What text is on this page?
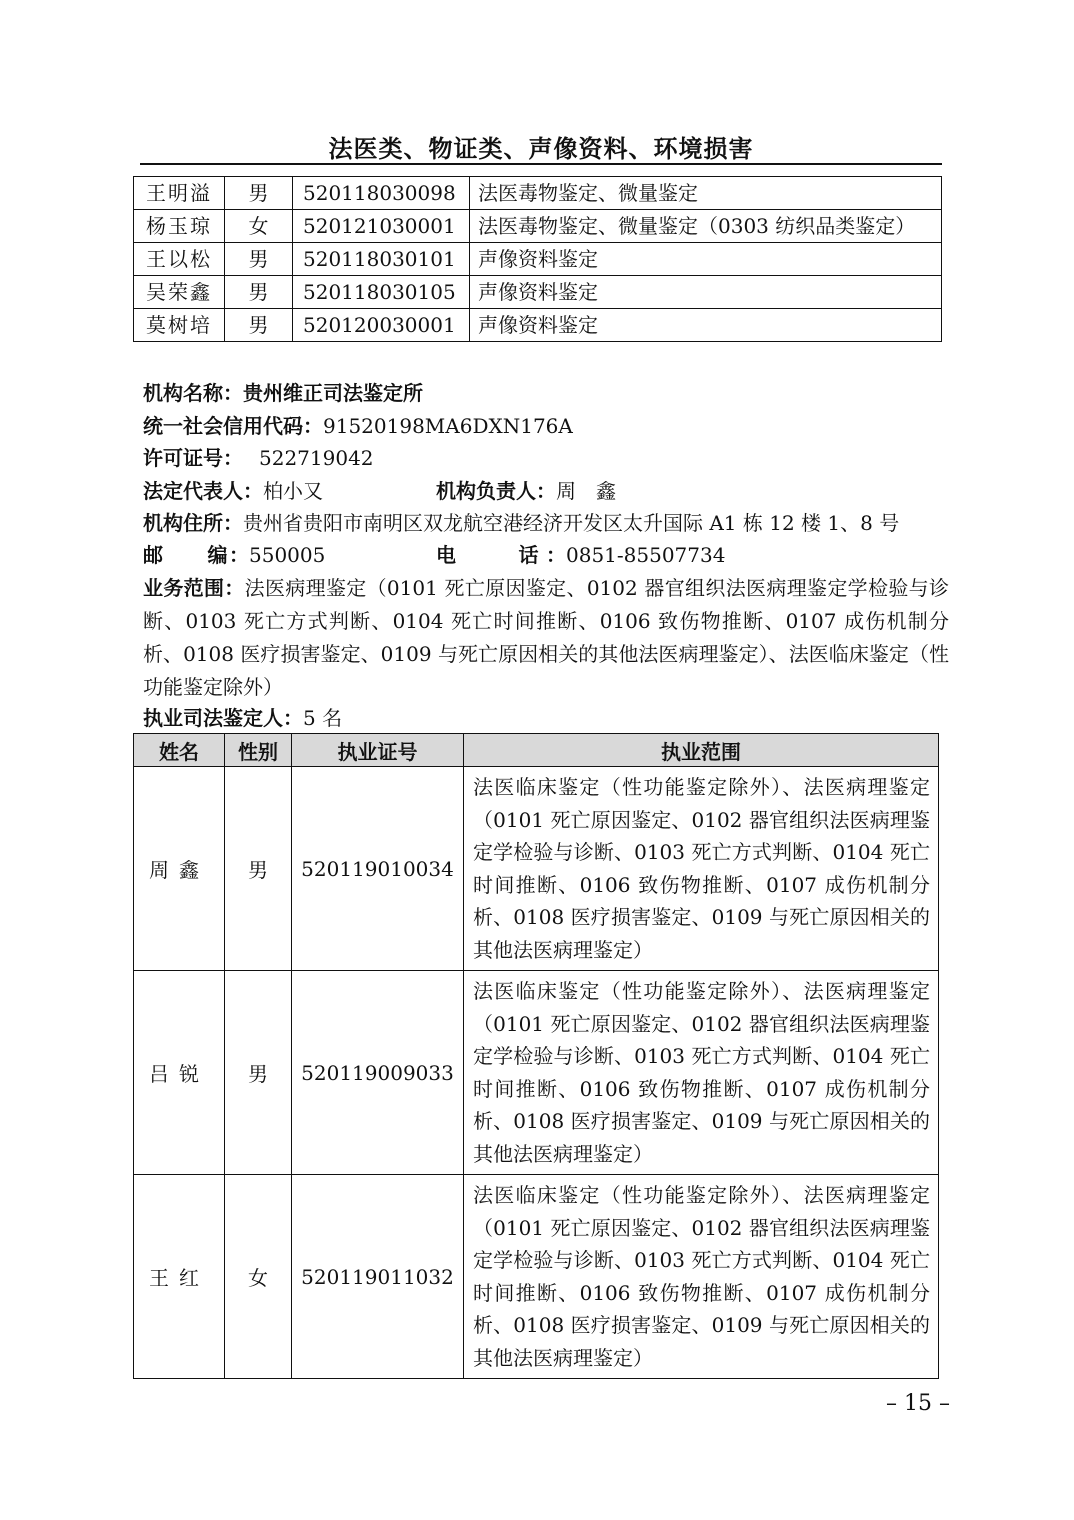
法医类、物证类、声像资料、环境损害
王明溢	男	520118030098	法医毒物鉴定、微量鉴定
杨玉琼	女	520121030001	法医毒物鉴定、微量鉴定（0303 纺织品类鉴定）
王以松	男	520118030101	声像资料鉴定
吴荣鑫	男	520118030105	声像资料鉴定
莫树培	男	520120030001	声像资料鉴定
机构名称：贵州维正司法鉴定所
统一社会信用代码：91520198MA6DXN176A
许可证号： 522719042
法定代表人：柏小又	机构负责人：周　鑫
机构住所：贵州省贵阳市南明区双龙航空港经济开发区太升国际 A1 栋 12 楼 1、8 号
邮　　编：550005	电　　话：0851-85507734
业务范围：法医病理鉴定（0101 死亡原因鉴定、0102 器官组织法医病理鉴定学检验与诊断、0103 死亡方式判断、0104 死亡时间推断、0106 致伤物推断、0107 成伤机制分析、0108 医疗损害鉴定、0109 与死亡原因相关的其他法医病理鉴定）、法医临床鉴定（性功能鉴定除外）
执业司法鉴定人：5 名
姓名	性别	执业证号	执业范围
周鑫	男	520119010034	法医临床鉴定（性功能鉴定除外）、法医病理鉴定（0101 死亡原因鉴定、0102 器官组织法医病理鉴定学检验与诊断、0103 死亡方式判断、0104 死亡时间推断、0106 致伤物推断、0107 成伤机制分析、0108 医疗损害鉴定、0109 与死亡原因相关的其他法医病理鉴定）
吕锐	男	520119009033	法医临床鉴定（性功能鉴定除外）、法医病理鉴定（0101 死亡原因鉴定、0102 器官组织法医病理鉴定学检验与诊断、0103 死亡方式判断、0104 死亡时间推断、0106 致伤物推断、0107 成伤机制分析、0108 医疗损害鉴定、0109 与死亡原因相关的其他法医病理鉴定）
王红	女	520119011032	法医临床鉴定（性功能鉴定除外）、法医病理鉴定（0101 死亡原因鉴定、0102 器官组织法医病理鉴定学检验与诊断、0103 死亡方式判断、0104 死亡时间推断、0106 致伤物推断、0107 成伤机制分析、0108 医疗损害鉴定、0109 与死亡原因相关的其他法医病理鉴定）
– 15 –
